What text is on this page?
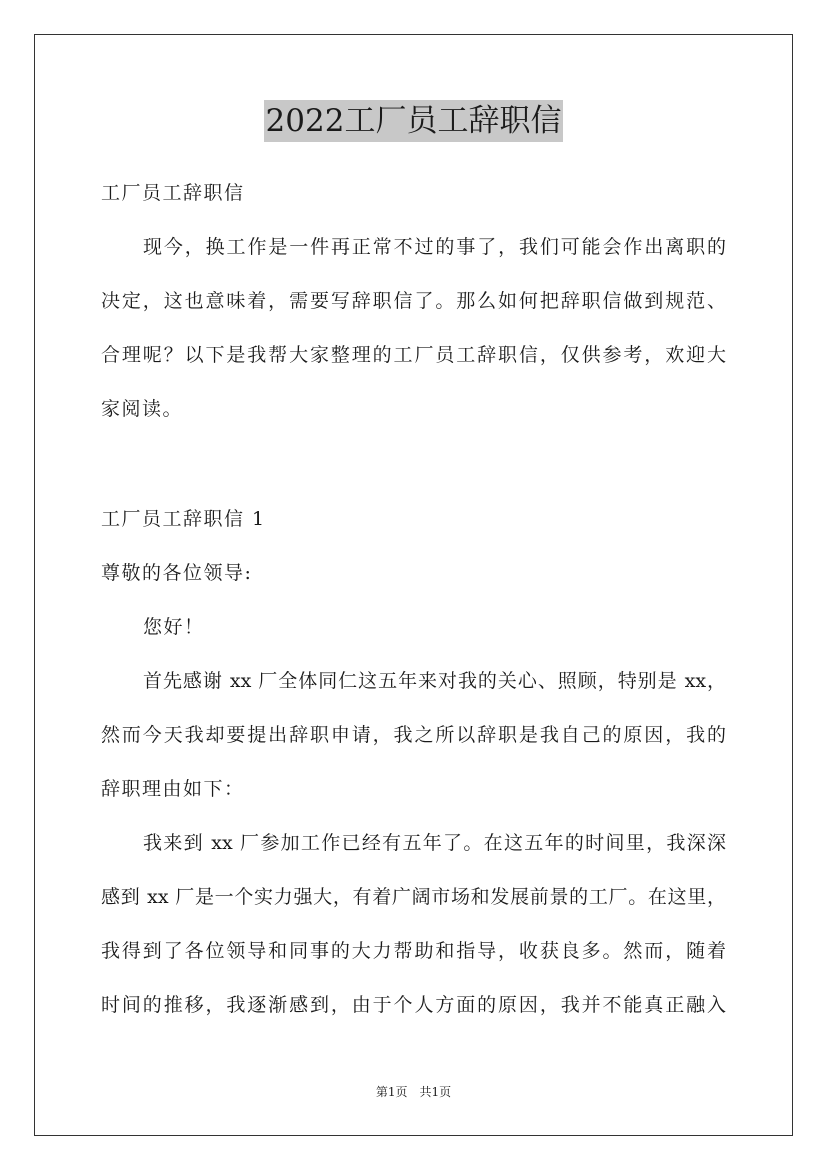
2022工厂员工辞职信
工厂员工辞职信
现今，换工作是一件再正常不过的事了，我们可能会作出离职的
决定，这也意味着，需要写辞职信了。那么如何把辞职信做到规范、
合理呢？以下是我帮大家整理的工厂员工辞职信，仅供参考，欢迎大
家阅读。
工厂员工辞职信 1
尊敬的各位领导:
您好！
首先感谢 xx 厂全体同仁这五年来对我的关心、照顾，特别是 xx，
然而今天我却要提出辞职申请，我之所以辞职是我自己的原因，我的
辞职理由如下：
我来到 xx 厂参加工作已经有五年了。在这五年的时间里，我深深
感到 xx 厂是一个实力强大，有着广阔市场和发展前景的工厂。在这里，
我得到了各位领导和同事的大力帮助和指导，收获良多。然而，随着
时间的推移，我逐渐感到，由于个人方面的原因，我并不能真正融入
第1页 共1页
